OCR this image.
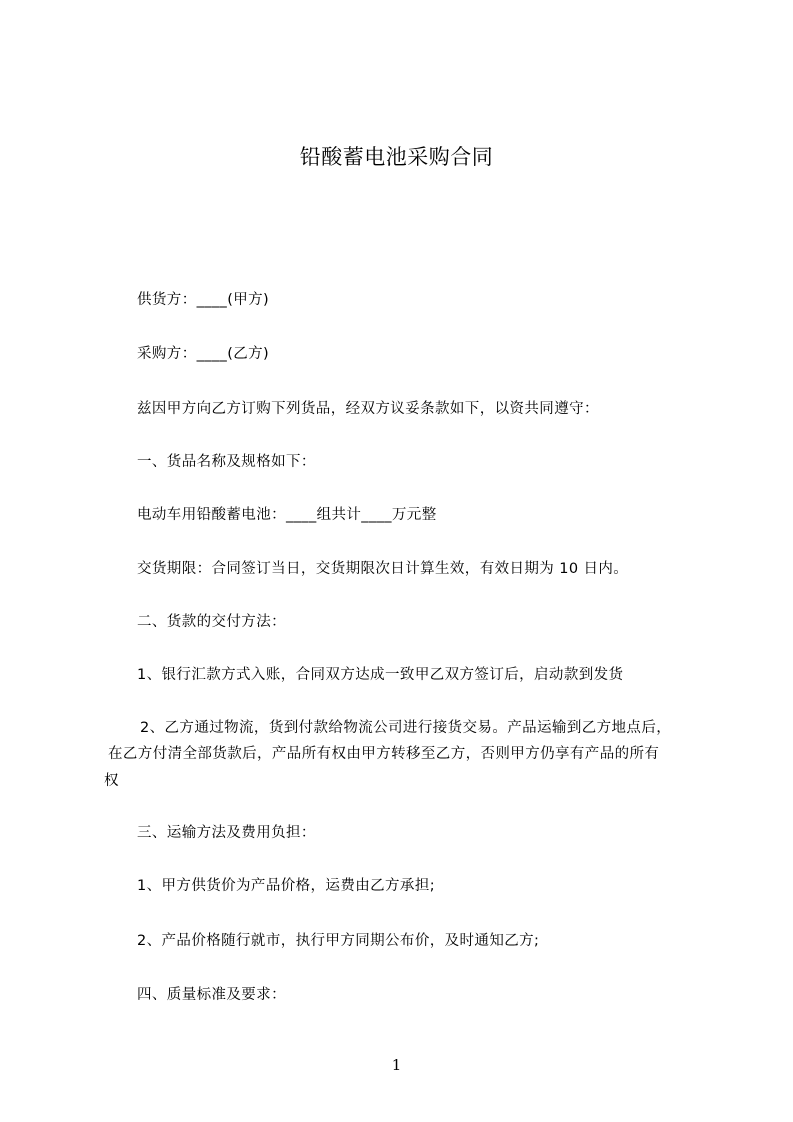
铅酸蓄电池采购合同
供货方：____(甲方)
采购方：____(乙方)
兹因甲方向乙方订购下列货品，经双方议妥条款如下，以资共同遵守：
一、货品名称及规格如下：
电动车用铅酸蓄电池：____组共计____万元整
交货期限：合同签订当日，交货期限次日计算生效，有效日期为 10 日内。
二、货款的交付方法：
1、银行汇款方式入账，合同双方达成一致甲乙双方签订后，启动款到发货
2、乙方通过物流，货到付款给物流公司进行接货交易。产品运输到乙方地点后，
在乙方付清全部货款后，产品所有权由甲方转移至乙方，否则甲方仍享有产品的所有
权
三、运输方法及费用负担：
1、甲方供货价为产品价格，运费由乙方承担;
2、产品价格随行就市，执行甲方同期公布价，及时通知乙方;
四、质量标准及要求：
1
